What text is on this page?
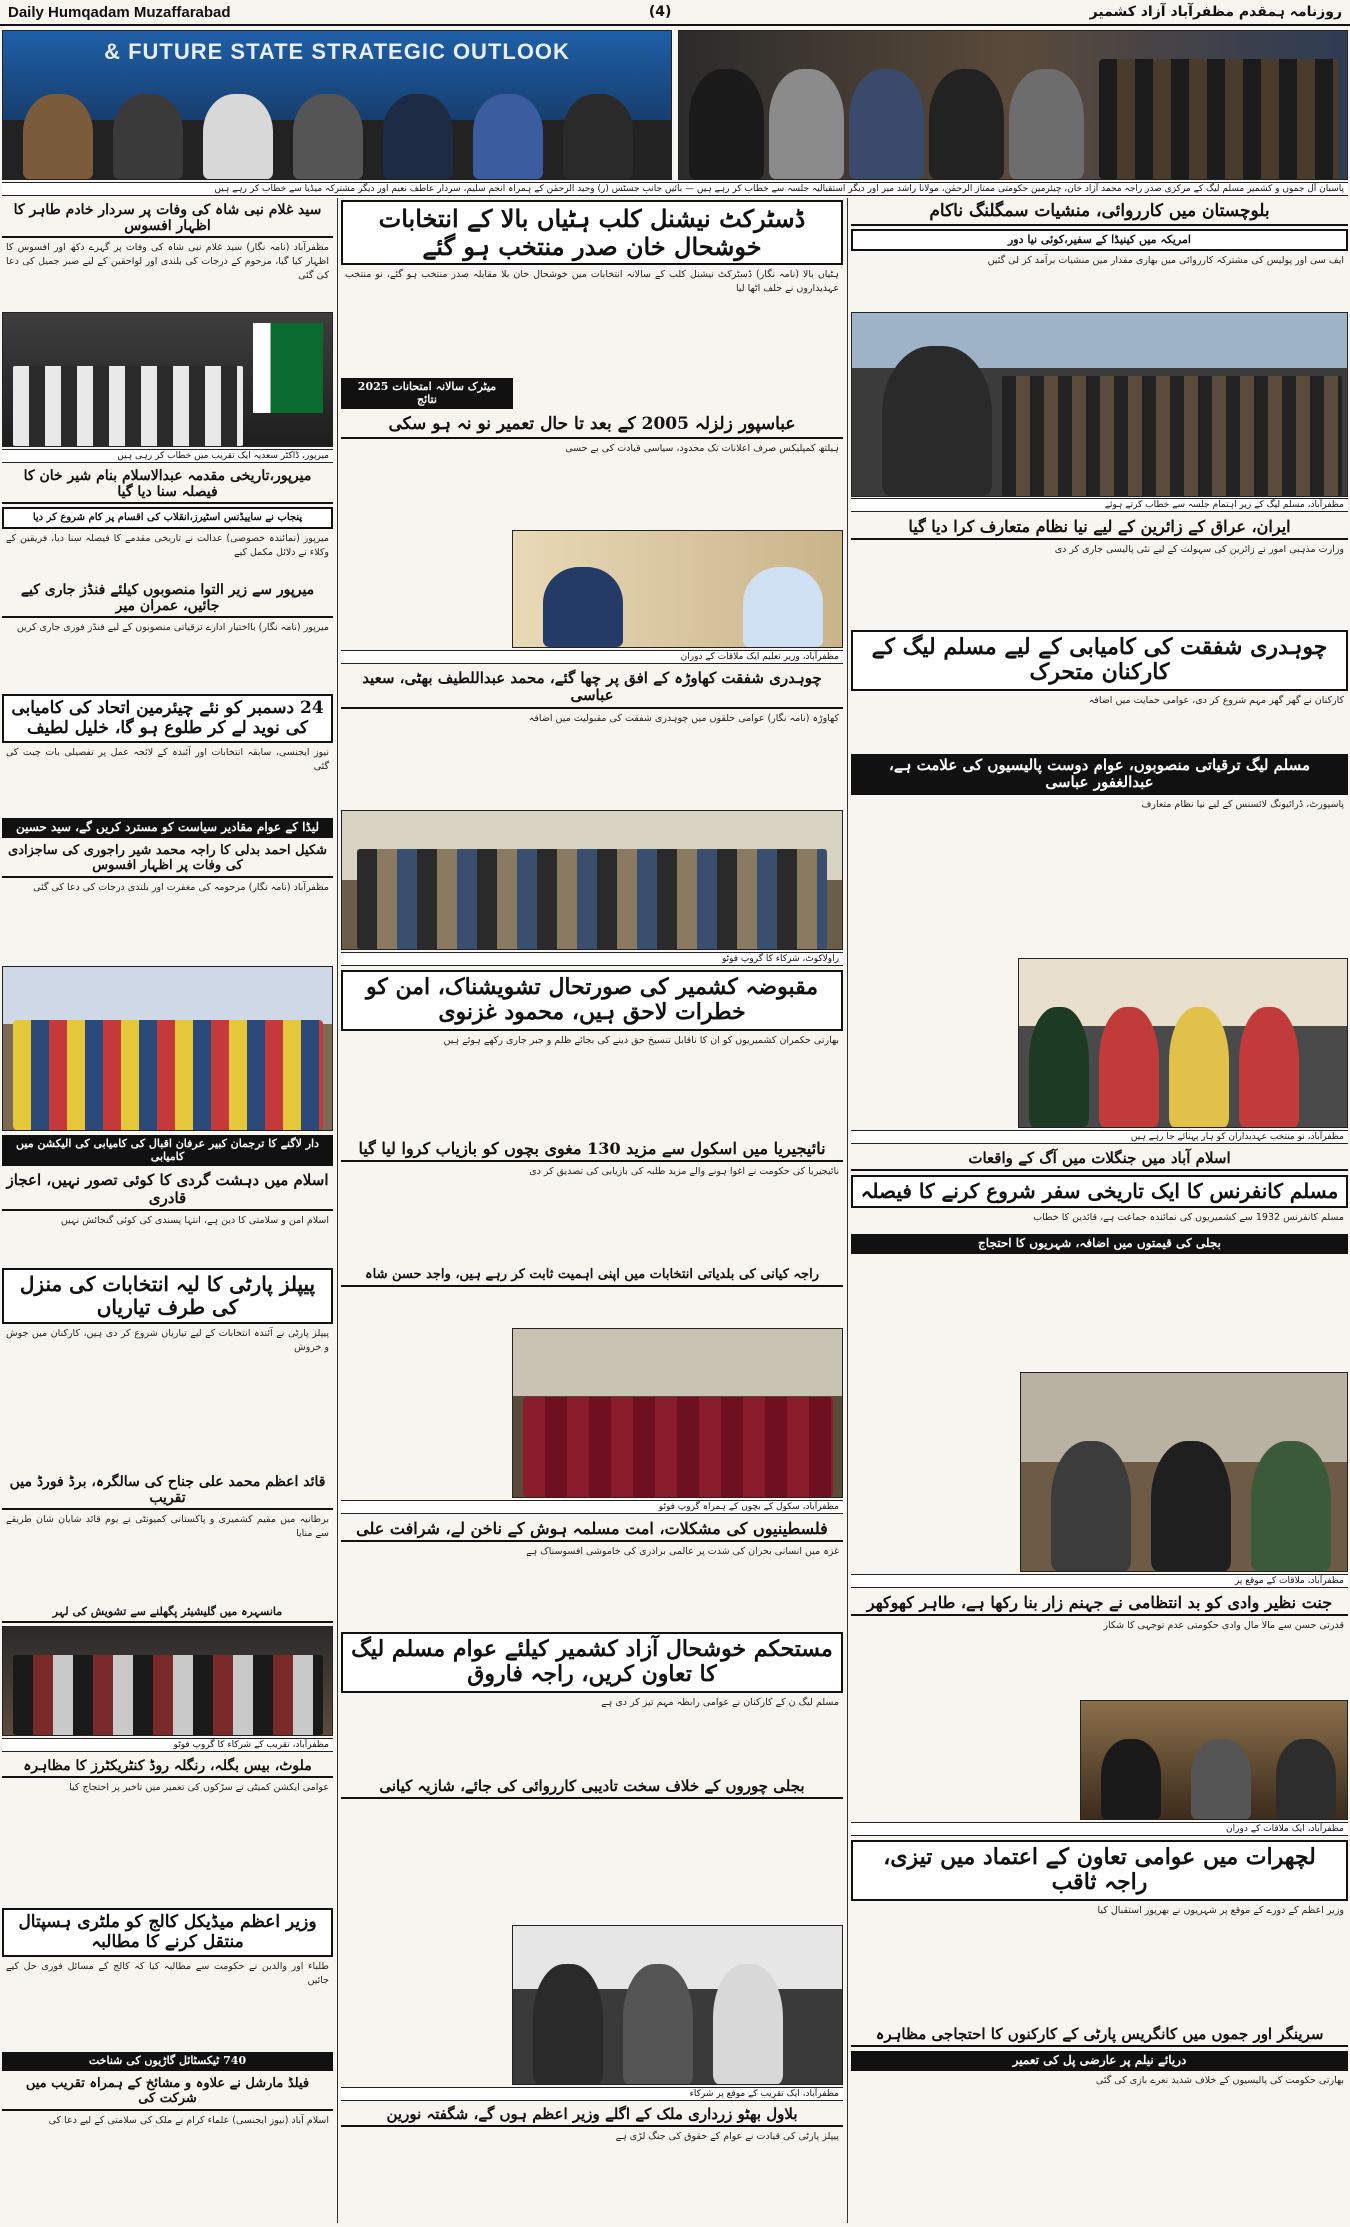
Daily Humqadam Muzaffarabad	(4)	روزنامہ ہمقدم مظفرآباد آزاد کشمیر
& FUTURE STATE STRATEGIC OUTLOOK
پاسبان آل جموں و کشمیر مسلم لیگ کے مرکزی صدر راجہ محمد آزاد خان، چیئرمین حکومتی ممتاز الرحمٰن، مولانا راشد میر اور دیگر استقبالیہ جلسہ سے خطاب کر رہے ہیں — بائیں جانب جسٹس (ر) وحید الرحمٰن کے ہمراہ انجم سلیم، سردار عاطف نعیم اور دیگر مشترکہ میڈیا سے خطاب کر رہے ہیں
بلوچستان میں کارروائی، منشیات سمگلنگ ناکام
امریکہ میں کینیڈا کے سفیر،کوئی نیا دور
ایف سی اور پولیس کی مشترکہ کارروائی میں بھاری مقدار میں منشیات برآمد کر لی گئیں
مظفرآباد، مسلم لیگ کے زیر اہتمام جلسہ سے خطاب کرتے ہوئے
ایران، عراق کے زائرین کے لیے نیا نظام متعارف کرا دیا گیا
وزارت مذہبی امور نے زائرین کی سہولت کے لیے نئی پالیسی جاری کر دی
چوہدری شفقت کی کامیابی کے لیے مسلم لیگ کے کارکنان متحرک
کارکنان نے گھر گھر مہم شروع کر دی، عوامی حمایت میں اضافہ
مسلم لیگ ترقیاتی منصوبوں، عوام دوست پالیسیوں کی علامت ہے، عبدالغفور عباسی
پاسپورٹ، ڈرائیونگ لائسنس کے لیے نیا نظام متعارف
مظفرآباد، نو منتخب عہدیداران کو ہار پہنائے جا رہے ہیں
اسلام آباد میں جنگلات میں آگ کے واقعات
مسلم کانفرنس کا ایک تاریخی سفر شروع کرنے کا فیصلہ
مسلم کانفرنس 1932 سے کشمیریوں کی نمائندہ جماعت ہے، قائدین کا خطاب
بجلی کی قیمتوں میں اضافہ، شہریوں کا احتجاج
مظفرآباد، ملاقات کے موقع پر
جنت نظیر وادی کو بد انتظامی نے جہنم زار بنا رکھا ہے، طاہر کھوکھر
قدرتی حسن سے مالا مال وادی حکومتی عدم توجہی کا شکار
مظفرآباد، ایک ملاقات کے دوران
لچھرات میں عوامی تعاون کے اعتماد میں تیزی، راجہ ثاقب
وزیر اعظم کے دورے کے موقع پر شہریوں نے بھرپور استقبال کیا
سرینگر اور جموں میں کانگریس پارٹی کے کارکنوں کا احتجاجی مظاہرہ
دریائے نیلم پر عارضی پل کی تعمیر
بھارتی حکومت کی پالیسیوں کے خلاف شدید نعرے بازی کی گئی
ڈسٹرکٹ نیشنل کلب ہٹیاں بالا کے انتخابات خوشحال خان صدر منتخب ہو گئے
ہٹیاں بالا (نامہ نگار) ڈسٹرکٹ نیشنل کلب کے سالانہ انتخابات میں خوشحال خان بلا مقابلہ صدر منتخب ہو گئے، نو منتخب عہدیداروں نے حلف اٹھا لیا
میٹرک سالانہ امتحانات 2025 نتائج
عباسپور زلزلہ 2005 کے بعد تا حال تعمیر نو نہ ہو سکی
ہیلتھ کمپلیکس صرف اعلانات تک محدود، سیاسی قیادت کی بے حسی
مظفرآباد، وزیر تعلیم ایک ملاقات کے دوران
چوہدری شفقت کھاوڑہ کے افق پر چھا گئے، محمد عبداللطیف بھٹی، سعید عباسی
کھاوڑہ (نامہ نگار) عوامی حلقوں میں چوہدری شفقت کی مقبولیت میں اضافہ
راولاکوٹ، شرکاء کا گروپ فوٹو
مقبوضہ کشمیر کی صورتحال تشویشناک، امن کو خطرات لاحق ہیں، محمود غزنوی
بھارتی حکمران کشمیریوں کو ان کا ناقابل تنسیخ حق دینے کی بجائے ظلم و جبر جاری رکھے ہوئے ہیں
نائیجیریا میں اسکول سے مزید 130 مغوی بچوں کو بازیاب کروا لیا گیا
نائیجیریا کی حکومت نے اغوا ہونے والے مزید طلبہ کی بازیابی کی تصدیق کر دی
راجہ کیانی کی بلدیاتی انتخابات میں اپنی اہمیت ثابت کر رہے ہیں، واجد حسن شاہ
مظفرآباد، سکول کے بچوں کے ہمراہ گروپ فوٹو
فلسطینیوں کی مشکلات، امت مسلمہ ہوش کے ناخن لے، شرافت علی
غزہ میں انسانی بحران کی شدت پر عالمی برادری کی خاموشی افسوسناک ہے
مستحکم خوشحال آزاد کشمیر کیلئے عوام مسلم لیگ کا تعاون کریں، راجہ فاروق
مسلم لیگ ن کے کارکنان نے عوامی رابطہ مہم تیز کر دی ہے
بجلی چوروں کے خلاف سخت تادیبی کارروائی کی جائے، شازیہ کیانی
مظفرآباد، ایک تقریب کے موقع پر شرکاء
بلاول بھٹو زرداری ملک کے اگلے وزیر اعظم ہوں گے، شگفتہ نورین
پیپلز پارٹی کی قیادت نے عوام کے حقوق کی جنگ لڑی ہے
سید غلام نبی شاہ کی وفات پر سردار خادم طاہر کا اظہار افسوس
مظفرآباد (نامہ نگار) سید غلام نبی شاہ کی وفات پر گہرے دکھ اور افسوس کا اظہار کیا گیا، مرحوم کے درجات کی بلندی اور لواحقین کے لیے صبر جمیل کی دعا کی گئی
میرپور، ڈاکٹر سعدیہ ایک تقریب میں خطاب کر رہی ہیں
میرپور،تاریخی مقدمہ عبدالاسلام بنام شیر خان کا فیصلہ سنا دیا گیا
پنجاب نے ساییڈنس اسٹیرز،انقلاب کی اقسام پر کام شروع کر دیا
میرپور (نمائندہ خصوصی) عدالت نے تاریخی مقدمے کا فیصلہ سنا دیا، فریقین کے وکلاء نے دلائل مکمل کیے
میرپور سے زیر التوا منصوبوں کیلئے فنڈز جاری کیے جائیں، عمران میر
میرپور (نامہ نگار) بااختیار ادارے ترقیاتی منصوبوں کے لیے فنڈز فوری جاری کریں
24 دسمبر کو نئے چیئرمین اتحاد کی کامیابی کی نوید لے کر طلوع ہو گا، خلیل لطیف
نیوز ایجنسی، سابقہ انتخابات اور آئندہ کے لائحہ عمل پر تفصیلی بات چیت کی گئی
لیڈا کے عوام مقادیر سیاست کو مسترد کریں گے، سید حسین
شکیل احمد بدلی کا راجہ محمد شیر راجوری کی ساجزادی کی وفات پر اظہار افسوس
مظفرآباد (نامہ نگار) مرحومہ کی مغفرت اور بلندی درجات کی دعا کی گئی
دار لاگنے کا ترجمان کبیر عرفان اقبال کی کامیابی کی الیکشن میں کامیابی
اسلام میں دہشت گردی کا کوئی تصور نہیں، اعجاز قادری
اسلام امن و سلامتی کا دین ہے، انتہا پسندی کی کوئی گنجائش نہیں
پیپلز پارٹی کا لیہ انتخابات کی منزل کی طرف تیاریاں
پیپلز پارٹی نے آئندہ انتخابات کے لیے تیاریاں شروع کر دی ہیں، کارکنان میں جوش و خروش
قائد اعظم محمد علی جناح کی سالگرہ، برڈ فورڈ میں تقریب
برطانیہ میں مقیم کشمیری و پاکستانی کمیونٹی نے یوم قائد شایان شان طریقے سے منایا
مانسہرہ میں گلیشیئر پگھلنے سے تشویش کی لہر
مظفرآباد، تقریب کے شرکاء کا گروپ فوٹو
ملوٹ، بیس بگلہ، رنگلہ روڈ کنٹریکٹرز کا مظاہرہ
عوامی ایکشن کمیٹی نے سڑکوں کی تعمیر میں تاخیر پر احتجاج کیا
وزیر اعظم میڈیکل کالج کو ملٹری ہسپتال منتقل کرنے کا مطالبہ
طلباء اور والدین نے حکومت سے مطالبہ کیا کہ کالج کے مسائل فوری حل کیے جائیں
740 ٹیکسٹائل گاڑیوں کی شناخت
فیلڈ مارشل نے علاوہ و مشائخ کے ہمراہ تقریب میں شرکت کی
اسلام آباد (نیوز ایجنسی) علماء کرام نے ملک کی سلامتی کے لیے دعا کی
